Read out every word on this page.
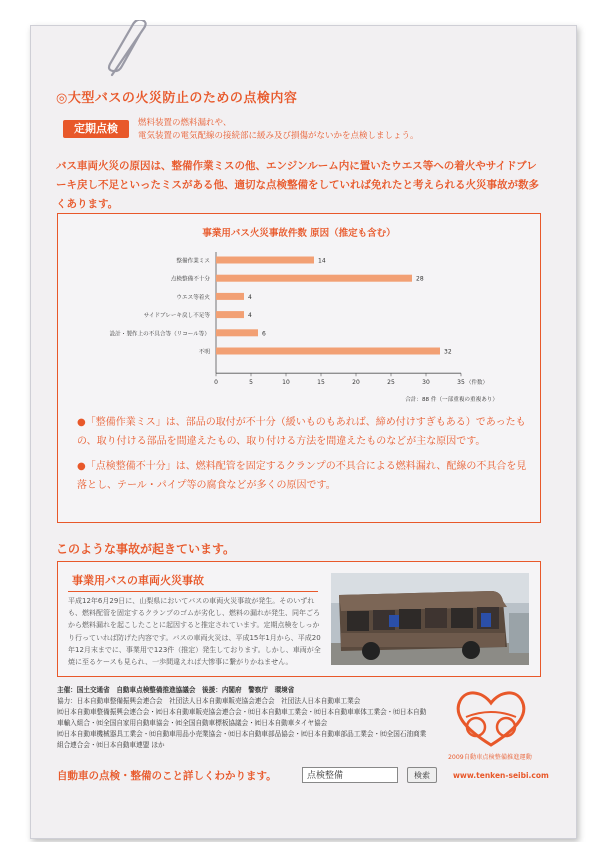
◎大型バスの火災防止のための点検内容
定期点検	燃料装置の燃料漏れや、
電気装置の電気配線の接続部に緩み及び損傷がないかを点検しましょう。
バス車両火災の原因は、整備作業ミスの他、エンジンルーム内に置いたウエス等への着火やサイドブレーキ戻し不足といったミスがある他、適切な点検整備をしていれば免れたと考えられる火災事故が数多くあります。
事業用バス火災事故件数 原因（推定も含む）
整備作業ミス	14
点検整備不十分	28
ウエス等着火	4
サイドブレーキ戻し不足等	4
設計・製作上の不具合等（リコール等）	6
不明	32
0	5	10	15	20	25	30	35 （件数）
合計：88 件（一部重複の重複あり）
●「整備作業ミス」は、部品の取付が不十分（緩いものもあれば、締め付けすぎもある）であったもの、取り付ける部品を間違えたもの、取り付ける方法を間違えたものなどが主な原因です。
●「点検整備不十分」は、燃料配管を固定するクランプの不具合による燃料漏れ、配線の不具合を見落とし、テール・パイプ等の腐食などが多くの原因です。
このような事故が起きています。
事業用バスの車両火災事故
平成12年6月29日に、山梨県においてバスの車両火災事故が発生。そのいずれも、燃料配管を固定するクランプのゴムが劣化し、燃料の漏れが発生、同年ごろから燃料漏れを起こしたことに起因すると推定されています。定期点検をしっかり行っていれば防げた内容です。バスの車両火災は、平成15年1月から、平成20年12月末までに、事業用で123件（推定）発生しております。しかし、車両が全焼に至るケースも見られ、一歩間違えれば大惨事に繋がりかねません。
主催：国土交通省　自動車点検整備推進協議会　後援：内閣府　警察庁　環境省
協力：日本自動車整備振興会連合会　社団法人日本自動車販売協会連合会　社団法人日本自動車工業会
㈳日本自動車整備振興会連合会・㈳日本自動車販売協会連合会・㈳日本自動車工業会・㈳日本自動車車体工業会・㈳日本自動車輸入組合・㈳全国自家用自動車協会・㈳全国自動車標板協議会・㈳日本自動車タイヤ協会
㈳日本自動車機械器具工業会・㈳自動車用品小売業協会・㈳日本自動車部品協会・㈳日本自動車部品工業会・㈳全国石油商業組合連合会・㈳日本自動車連盟 ほか
2009自動車点検整備推進運動
自動車の点検・整備のこと詳しくわかります。	点検整備	検索	www.tenken-seibi.com
